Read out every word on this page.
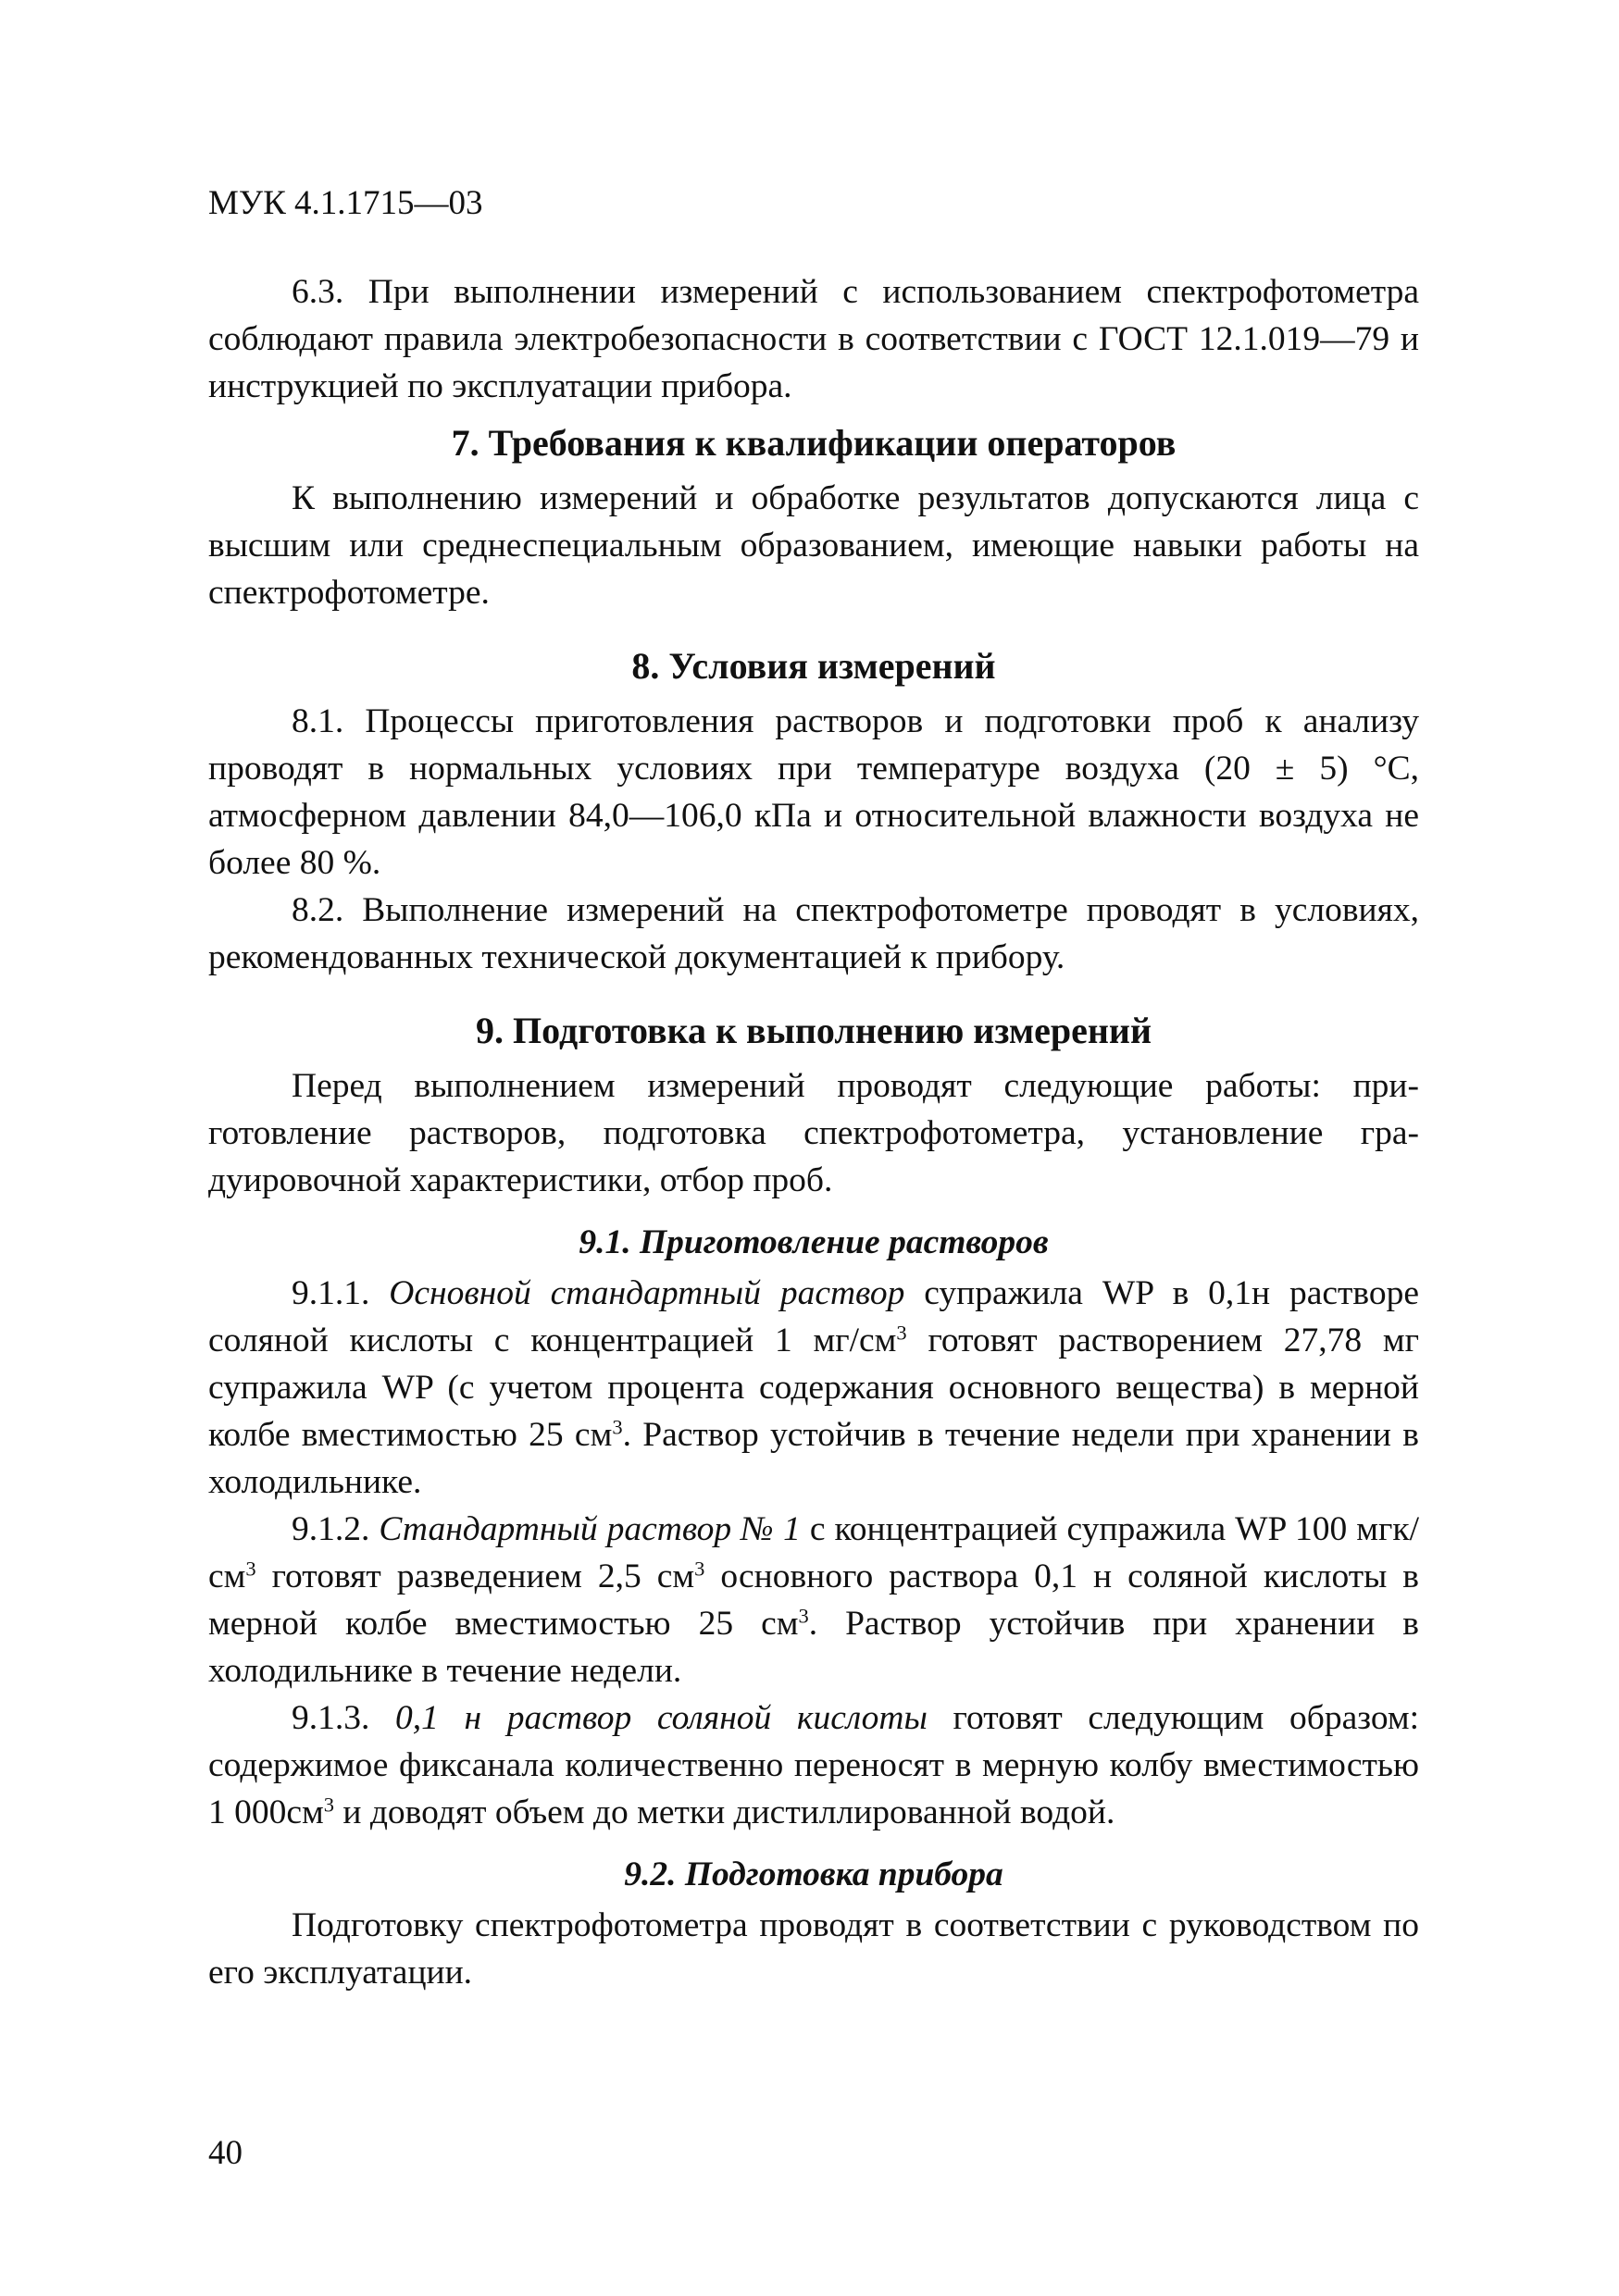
МУК 4.1.1715—03

6.3. При выполнении измерений с использованием спектрофотометра соблюдают правила электробезопасности в соответствии с ГОСТ 12.1.019—79 и инструкцией по эксплуатации прибора.

7. Требования к квалификации операторов

К выполнению измерений и обработке результатов допускаются лица с высшим или среднеспециальным образованием, имеющие навыки работы на спектрофотометре.

8. Условия измерений

8.1. Процессы приготовления растворов и подготовки проб к анализу проводят в нормальных условиях при температуре воздуха (20 ± 5) °С, атмосферном давлении 84,0—106,0 кПа и относительной влажности воздуха не более 80 %.

8.2. Выполнение измерений на спектрофотометре проводят в условиях, рекомендованных технической документацией к прибору.

9. Подготовка к выполнению измерений

Перед выполнением измерений проводят следующие работы: приготовление растворов, подготовка спектрофотометра, установление градуировочной характеристики, отбор проб.

9.1. Приготовление растворов

9.1.1. Основной стандартный раствор супражила WP в 0,1н растворе соляной кислоты с концентрацией 1 $мг/см^3$ готовят растворением 27,78 мг супражила WP (с учетом процента содержания основного вещества) в мерной колбе вместимостью 25 $см^3$. Раствор устойчив в течение недели при хранении в холодильнике.

9.1.2. Стандартный раствор № 1 с концентрацией супражила WP 100 мгк/$см^3$ готовят разведением 2,5 $см^3$ основного раствора 0,1 н соляной кислоты в мерной колбе вместимостью 25 $см^3$. Раствор устойчив при хранении в холодильнике в течение недели.

9.1.3. 0,1 н раствор соляной кислоты готовят следующим образом: содержимое фиксанала количественно переносят в мерную колбу вместимостью 1 $000см^3$ и доводят объем до метки дистиллированной водой.

9.2. Подготовка прибора

Подготовку спектрофотометра проводят в соответствии с руководством по его эксплуатации.

40
